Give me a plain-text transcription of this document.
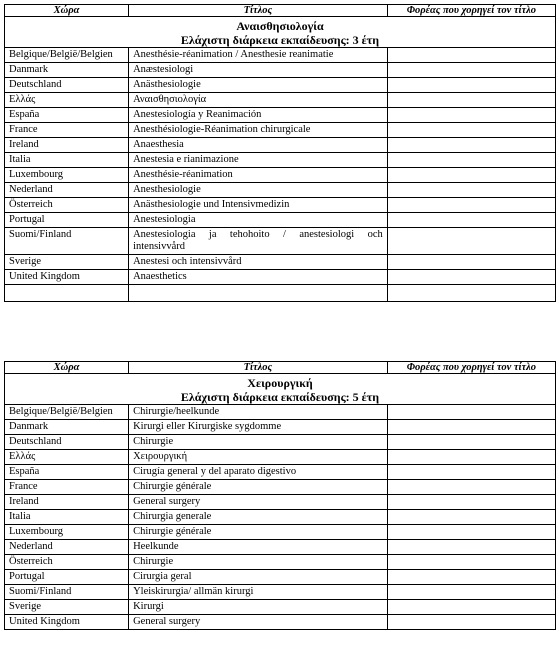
Χώρα	Τίτλος	Φορέας που χορηγεί τον τίτλο

Αναισθησιολογία
Ελάχιστη διάρκεια εκπαίδευσης: 3 έτη		

Belgique/België/Belgien	Anesthésie-réanimation / Anesthesie reanimatie	
Danmark	Anæstesiologi	
Deutschland	Anästhesiologie	
Ελλάς	Αναισθησιολογία	
España	Anestesiología y Reanimación	
France	Anesthésiologie-Réanimation chirurgicale	
Ireland	Anaesthesia	
Italia	Anestesia e rianimazione	
Luxembourg	Anesthésie-réanimation	
Nederland	Anesthesiologie	
Österreich	Anästhesiologie und Intensivmedizin	
Portugal	Anestesiologia	
Suomi/Finland	Anestesiologia ja tehohoito / anestesiologi och intensivvård	
Sverige	Anestesi och intensivvård	
United Kingdom	Anaesthetics	

Χώρα	Τίτλος	Φορέας που χορηγεί τον τίτλο

Χειρουργική
Ελάχιστη διάρκεια εκπαίδευσης: 5 έτη		

Belgique/België/Belgien	Chirurgie/heelkunde	
Danmark	Kirurgi eller Kirurgiske sygdomme	
Deutschland	Chirurgie	
Ελλάς	Χειρουργική	
España	Cirugía general y del aparato digestivo	
France	Chirurgie générale	
Ireland	General surgery	
Italia	Chirurgia generale	
Luxembourg	Chirurgie générale	
Nederland	Heelkunde	
Österreich	Chirurgie	
Portugal	Cirurgia geral	
Suomi/Finland	Yleiskirurgia/ allmän kirurgi	
Sverige	Kirurgi	
United Kingdom	General surgery	
